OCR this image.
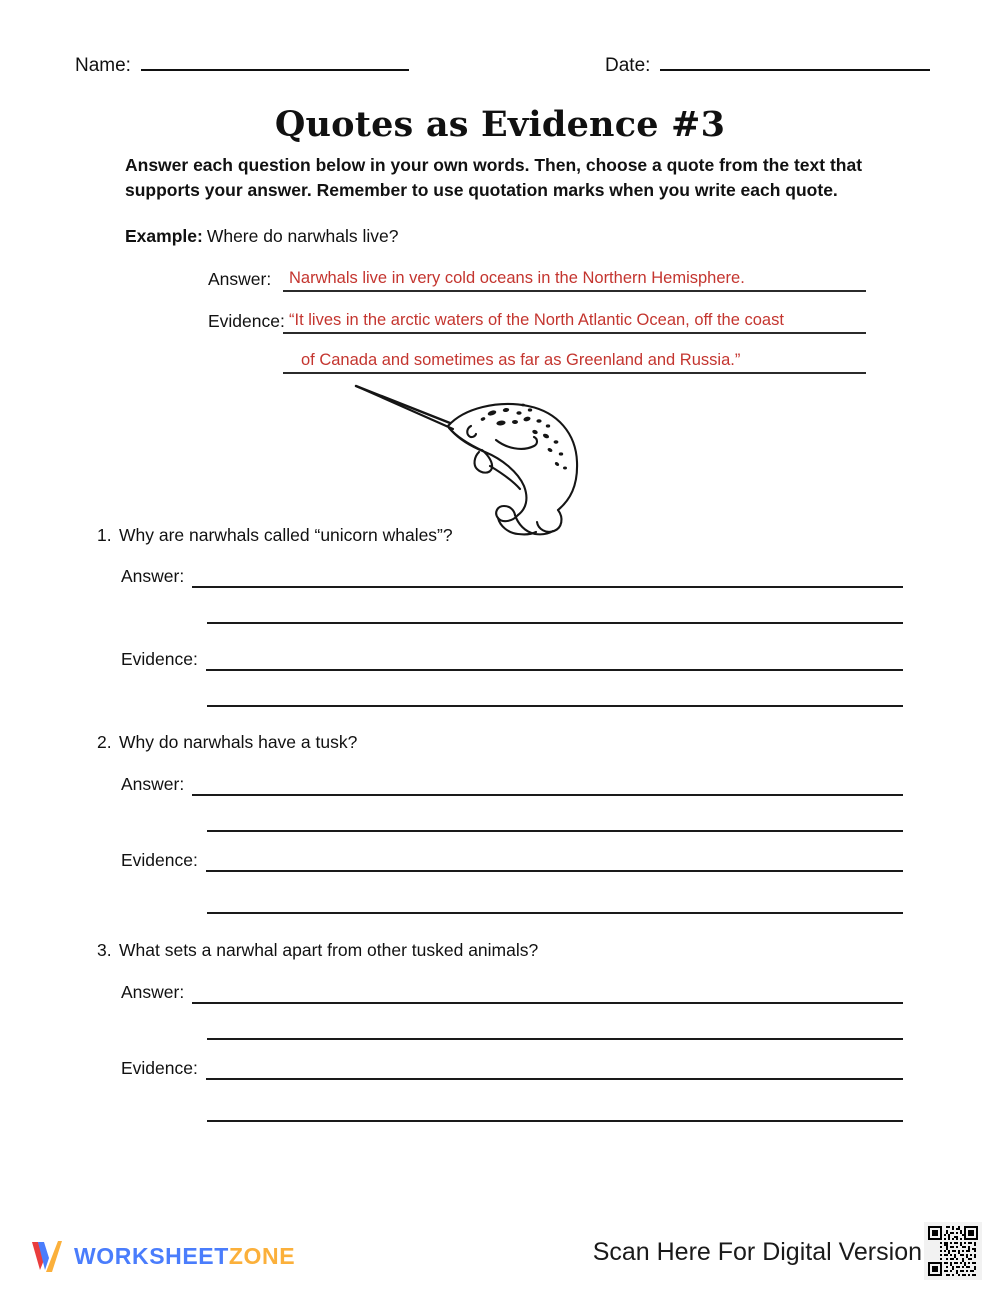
Name:	Date:
Quotes as Evidence #3
Answer each question below in your own words. Then, choose a quote from the text that supports your answer. Remember to use quotation marks when you write each quote.
Example: Where do narwhals live?
Answer:	Narwhals live in very cold oceans in the Northern Hemisphere.
Evidence: “It lives in the arctic waters of the North Atlantic Ocean, off the coast
of Canada and sometimes as far as Greenland and Russia.”
1. Why are narwhals called “unicorn whales”?
Answer:
Evidence:
2. Why do narwhals have a tusk?
Answer:
Evidence:
3. What sets a narwhal apart from other tusked animals?
Answer:
Evidence:
WORKSHEETZONE	Scan Here For Digital Version
